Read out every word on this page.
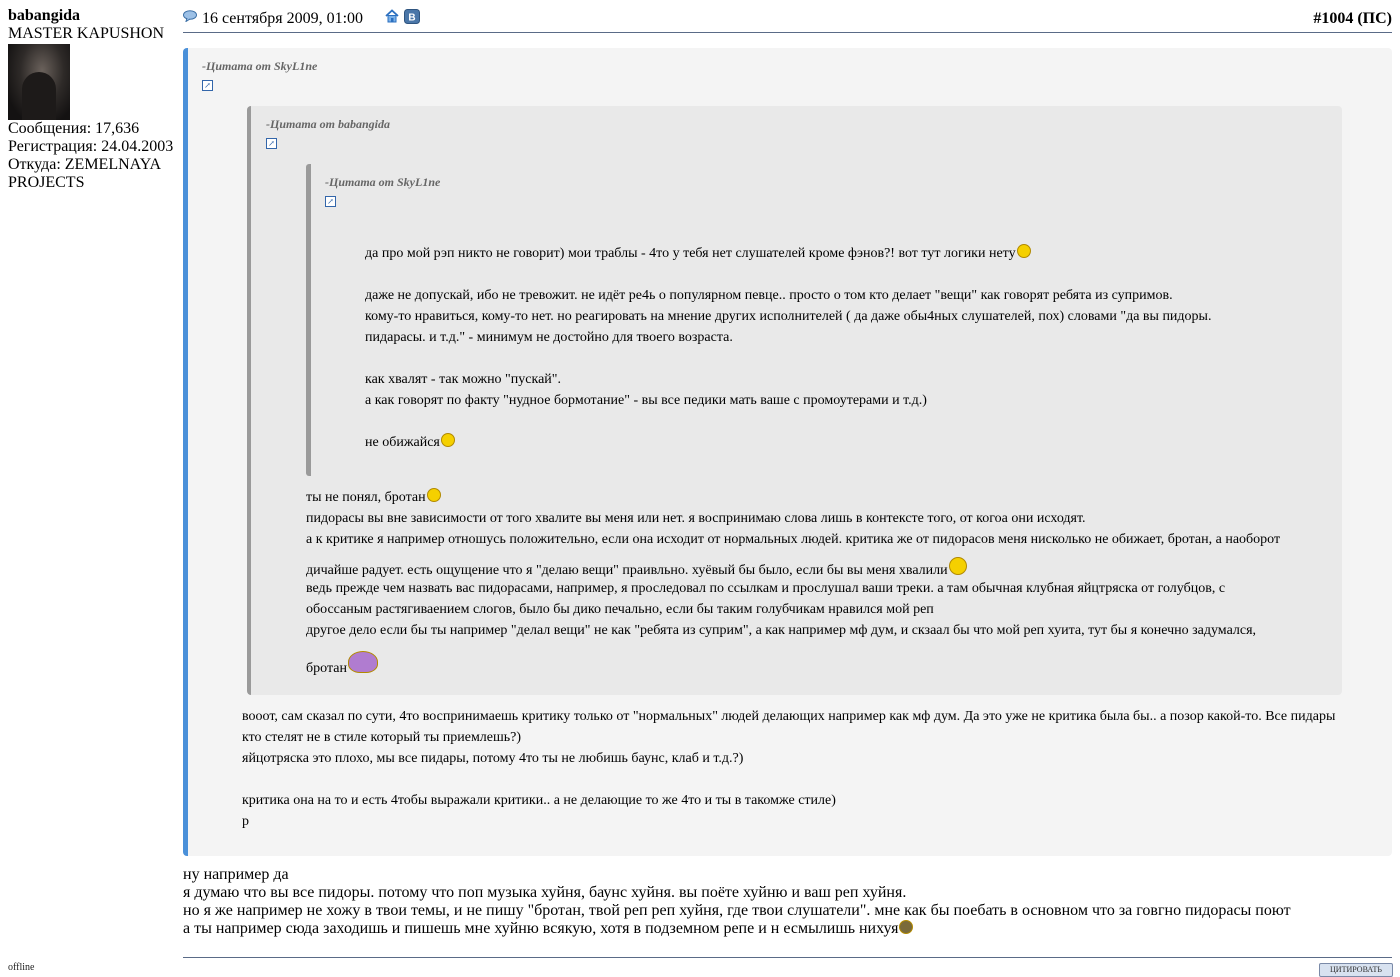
babangida
MASTER KAPUSHON
Сообщения: 17,636
Регистрация: 24.04.2003
Откуда: ZEMELNAYA
PROJECTS
offline
16 сентября 2009, 01:00	В	#1004 (ПС)
-Цитата от SkyL1ne
↗
-Цитата от babangida
↗
-Цитата от SkyL1ne
↗
да про мой рэп никто не говорит) мои траблы - 4то у тебя нет слушателей кроме фэнов?! вот тут логики нету
даже не допускай, ибо не тревожит. не идёт ре4ь о популярном певце.. просто о том кто делает "вещи" как говорят ребята из супримов.
кому-то нравиться, кому-то нет. но реагировать на мнение других исполнителей ( да даже обы4ных слушателей, пох) словами "да вы пидоры.
пидарасы. и т.д." - минимум не достойно для твоего возраста.
как хвалят - так можно "пускай".
а как говорят по факту "нудное бормотание" - вы все педики мать ваше с промоутерами и т.д.)
не обижайся
ты не понял, бротан
пидорасы вы вне зависимости от того хвалите вы меня или нет. я воспринимаю слова лишь в контексте того, от когоа они исходят.
а к критике я например отношусь положительно, если она исходит от нормальных людей. критика же от пидорасов меня нисколько не обижает, бротан, а наоборот
дичайше радует. есть ощущение что я "делаю вещи" праивльно. хуёвый бы было, если бы вы меня хвалили
ведь прежде чем назвать вас пидорасами, например, я проследовал по ссылкам и прослушал ваши треки. а там обычная клубная яйцтряска от голубцов, с
обоссаным растягиваением слогов, было бы дико печально, если бы таким голубчикам нравился мой реп
другое дело если бы ты например "делал вещи" не как "ребята из суприм", а как например мф дум, и скзаал бы что мой реп хуита, тут бы я конечно задумался,
бротан
вооот, сам сказал по сути, 4то воспринимаешь критику только от "нормальных" людей делающих например как мф дум. Да это уже не критика была бы.. а позор какой-то. Все пидары
кто стелят не в стиле который ты приемлешь?)
яйцотряска это плохо, мы все пидары, потому 4то ты не любишь баунс, клаб и т.д.?)
критика она на то и есть 4тобы выражали критики.. а не делающие то же 4то и ты в такомже стиле)
p
ну например да
я думаю что вы все пидоры. потому что поп музыка хуйня, баунс хуйня. вы поёте хуйню и ваш реп хуйня.
но я же например не хожу в твои темы, и не пишу "бротан, твой реп реп хуйня, где твои слушатели". мне как бы поебать в основном что за говгно пидорасы поют
а ты например сюда заходишь и пишешь мне хуйню всякую, хотя в подземном репе и н есмылишь нихуя
ЦИТИРОВАТЬ
